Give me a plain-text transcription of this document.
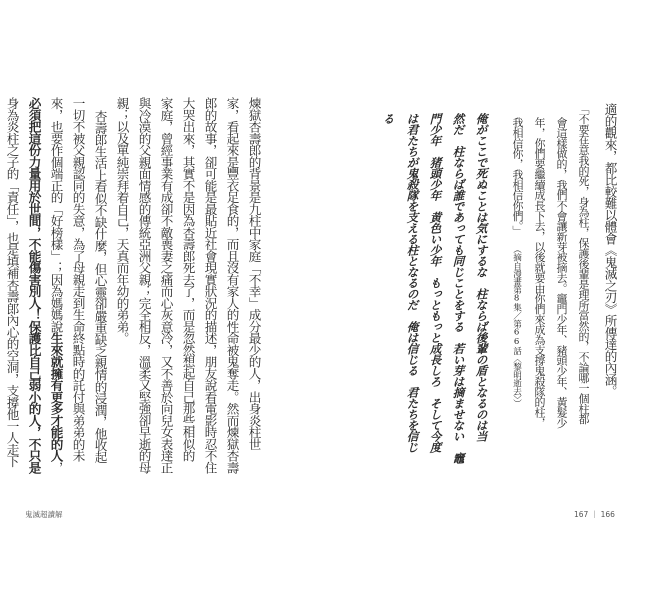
適的觀來，都比較難以體會《鬼滅之刃》所傳達的內涵。
「不要在意我的死，身為柱，保護後輩是理所當然的，不論哪一個柱都
會這樣做的，我們不會讓新芽被摘去。竈門少年、豬頭少年、黃髮少
年，你們要繼續成長下去，以後就要由你們來成為支撐鬼殺隊的柱，
我相信你，我相信你們。」
（摘自漫畫第8集／第66話〈黎明逝去〉）
俺がここで死ぬことは気にするな　柱ならば後輩の盾となるのは当
然だ　柱ならば誰であっても同じことをする　若い芽は摘ませない　竈
門少年　猪頭少年　黄色い少年　もっともっと成長しろ　そして今度
は君たちが鬼殺隊を支える柱となるのだ　俺は信じる　君たちを信じ
る
煉獄杏壽郎的背景是九柱中家庭「不幸」成分最少的人，出身炎柱世
家，看起來是豐衣足食的，而且沒有家人的性命被鬼奪走。然而煉獄杏壽
郎的故事，卻可能是最貼近社會現實狀況的描述，朋友說看電影時忍不住
大哭出來，其實不是因為杏壽郎死去了，而是忽然想起自己那些相似的
家庭，曾經事業有成卻不敵喪妻之痛而心灰意冷，又不善於向兒女表達正
與冷漠的父親面情感的傳統亞洲父親；完全相反，溫柔又堅強卻早逝的母
親；以及單純崇拜着自己，天真而年幼的弟弟。
杏壽郎生活上看似不缺什麼，但心靈卻嚴重缺乏親情的浸潤，他收起
一切不被父親認同的失意，為了母親走到生命終點時的託付與弟弟的未
來，也要作個端正的「好榜樣」；因為媽媽說生來就擁有更多才能的人，
必須把這份力量用於世間，不能傷害別人！保護比自己弱小的人，不只是
身為炎柱之子的「責任」，也是填補杏壽郎內心的空洞，支撐他一人走下
鬼滅超讀解	167 ｜ 166
